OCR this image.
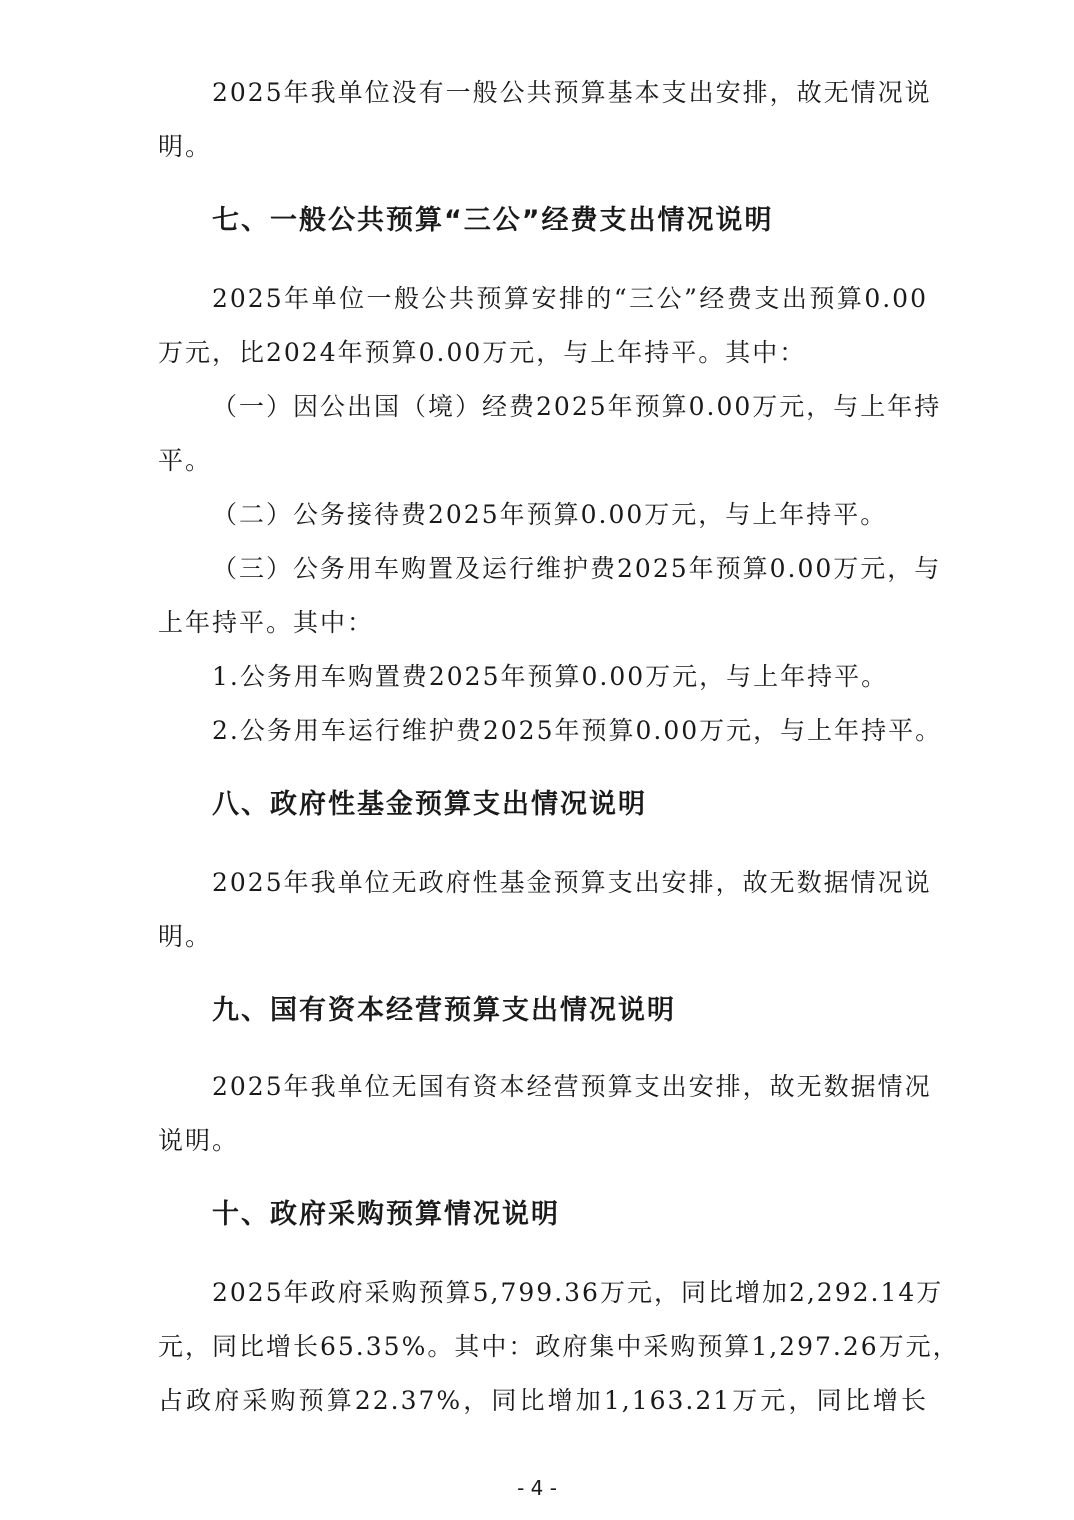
2025年我单位没有一般公共预算基本支出安排，故无情况说
明。
七、一般公共预算“三公”经费支出情况说明
2025年单位一般公共预算安排的“三公”经费支出预算0.00
万元，比2024年预算0.00万元，与上年持平。其中：
（一）因公出国（境）经费2025年预算0.00万元，与上年持
平。
（二）公务接待费2025年预算0.00万元，与上年持平。
（三）公务用车购置及运行维护费2025年预算0.00万元，与
上年持平。其中：
1.公务用车购置费2025年预算0.00万元，与上年持平。
2.公务用车运行维护费2025年预算0.00万元，与上年持平。
八、政府性基金预算支出情况说明
2025年我单位无政府性基金预算支出安排，故无数据情况说
明。
九、国有资本经营预算支出情况说明
2025年我单位无国有资本经营预算支出安排，故无数据情况
说明。
十、政府采购预算情况说明
2025年政府采购预算5,799.36万元，同比增加2,292.14万
元，同比增长65.35%。其中：政府集中采购预算1,297.26万元，
占政府采购预算22.37%，同比增加1,163.21万元，同比增长
- 4 -
